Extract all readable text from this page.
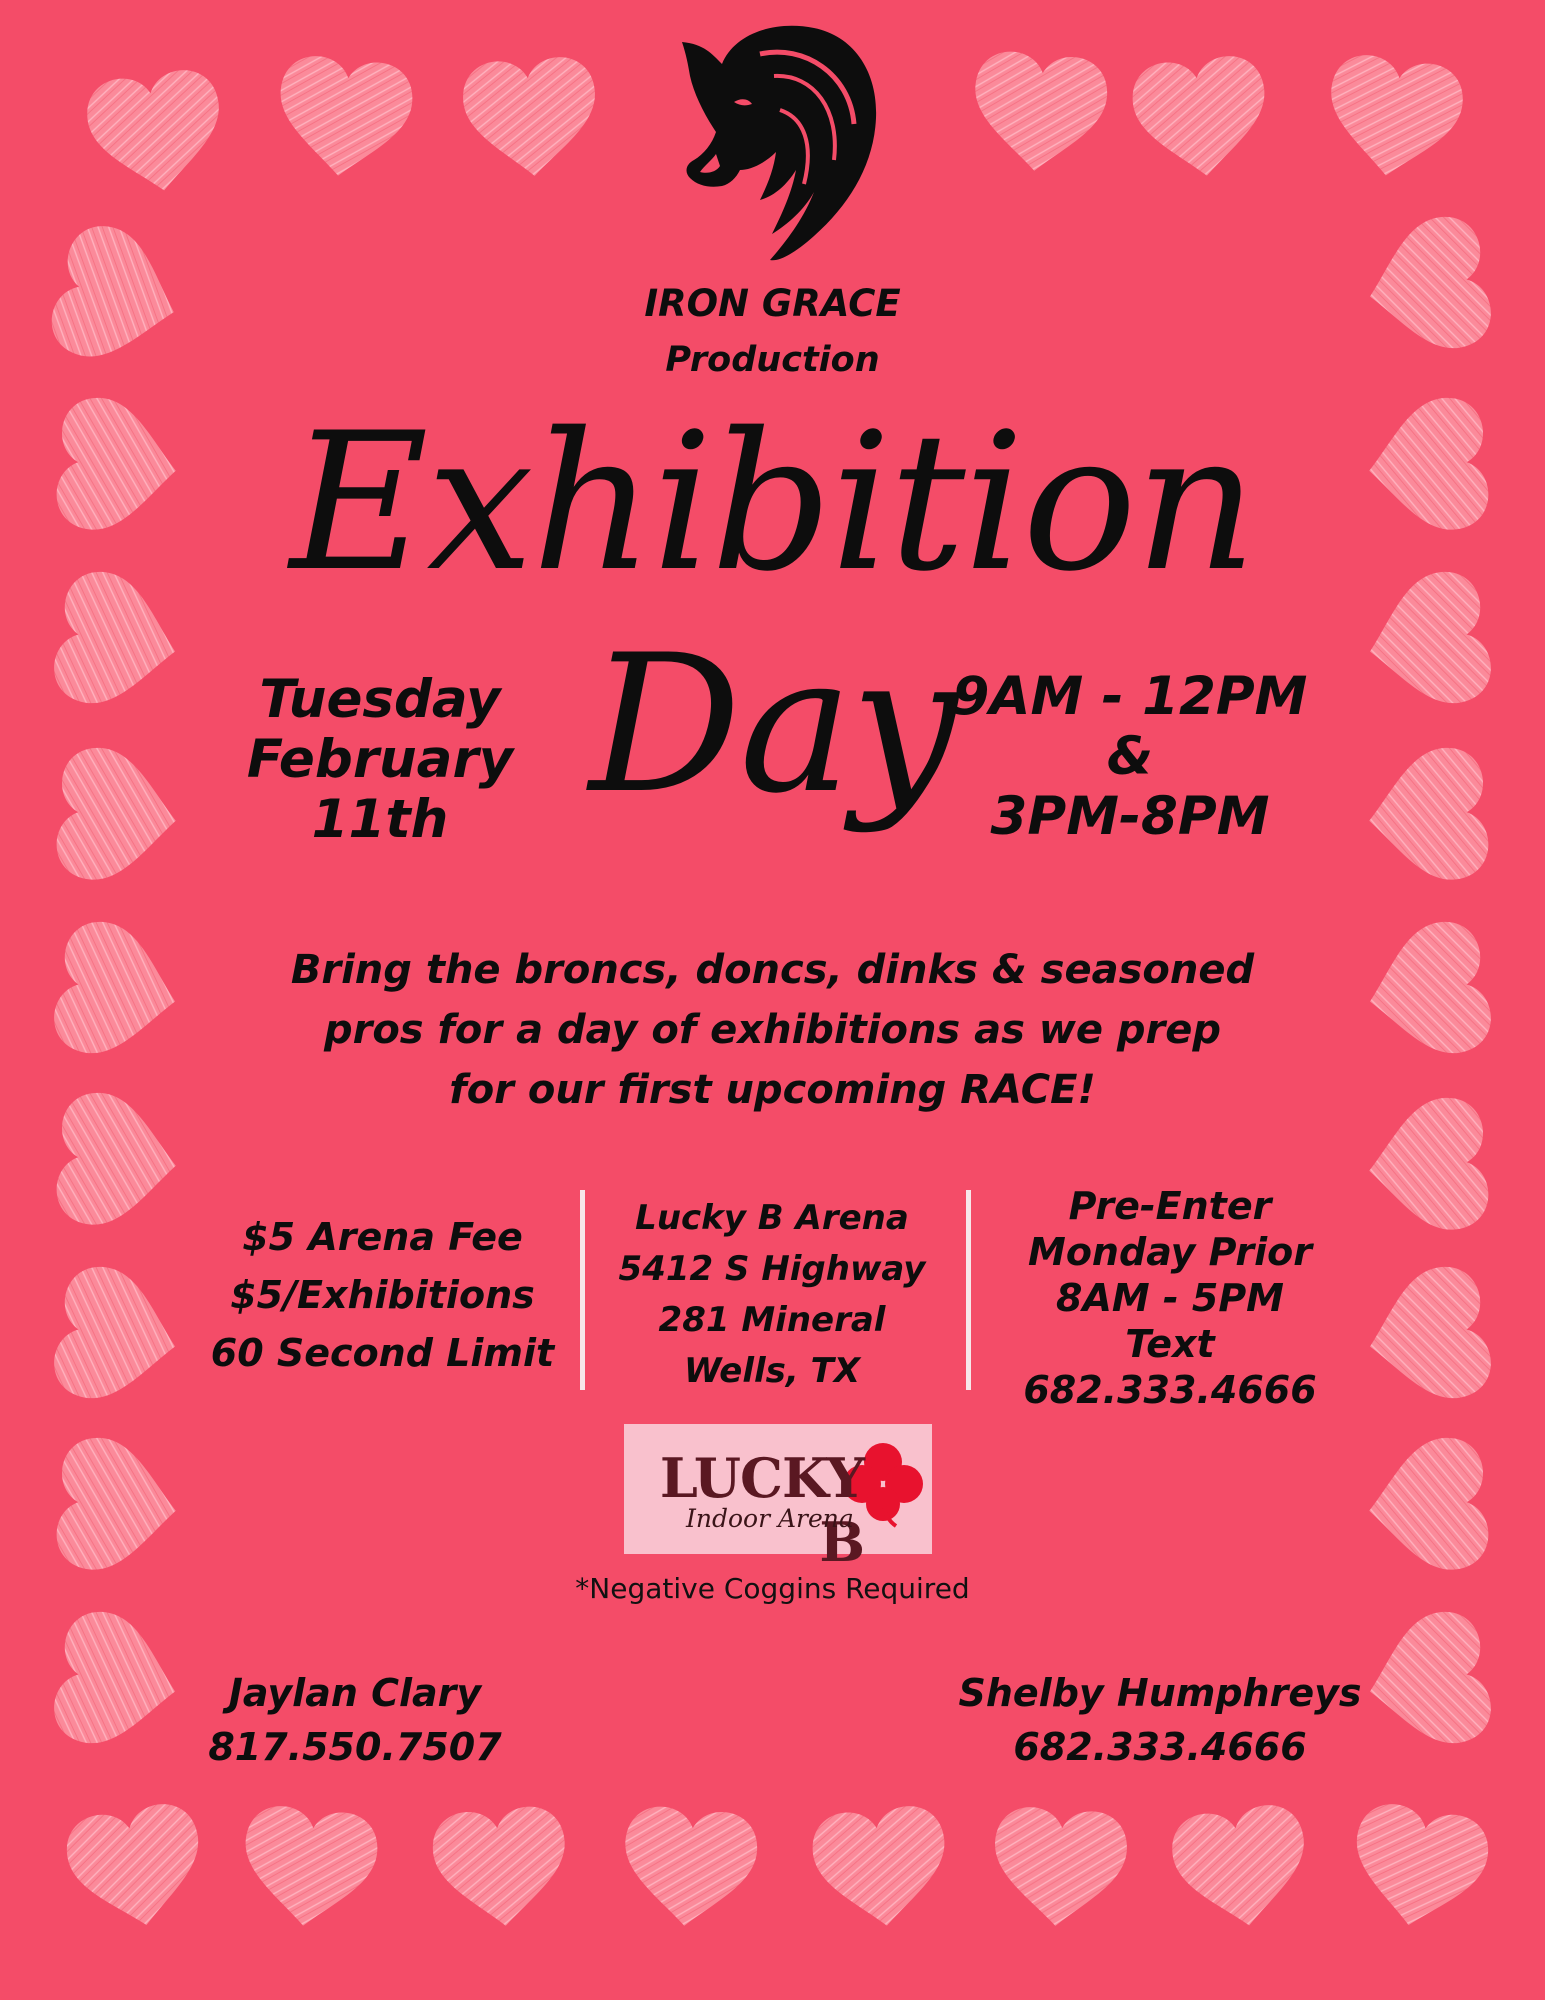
IRON GRACE
Production
Exhibition
Day
Tuesday
February
11th
9AM - 12PM
&
3PM-8PM
Bring the broncs, doncs, dinks & seasoned
pros for a day of exhibitions as we prep
for our first upcoming RACE!
$5 Arena Fee
$5/Exhibitions
60 Second Limit
Lucky B Arena
5412 S Highway
281 Mineral
Wells, TX
Pre-Enter
Monday Prior
8AM - 5PM
Text
682.333.4666
LUCKY B
Indoor Arena
*Negative Coggins Required
Jaylan Clary
817.550.7507
Shelby Humphreys
682.333.4666
